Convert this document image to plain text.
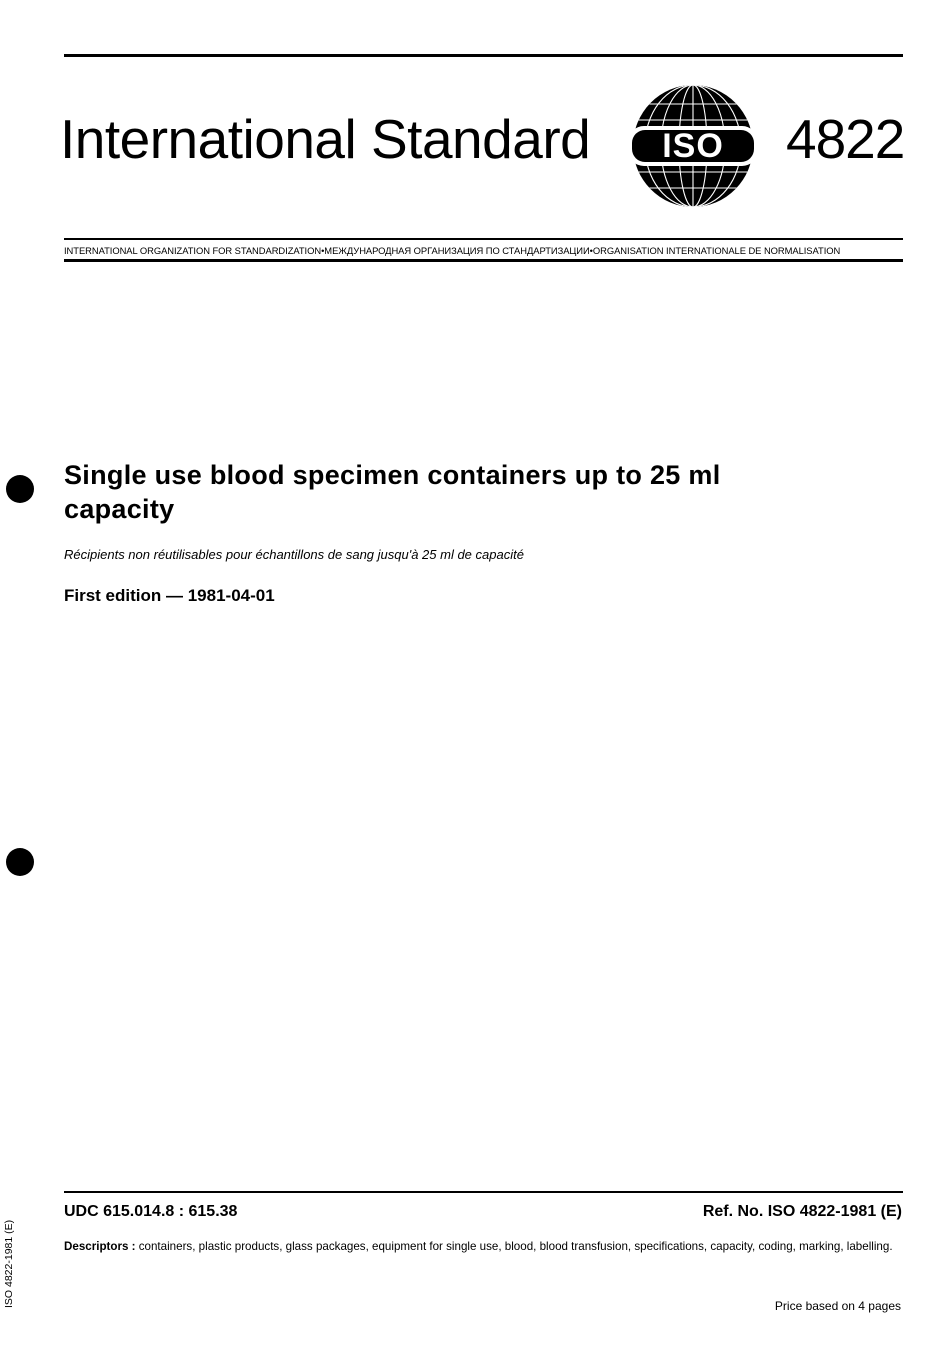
International Standard ISO 4822
INTERNATIONAL ORGANIZATION FOR STANDARDIZATION•МЕЖДУНАРОДНАЯ ОРГАНИЗАЦИЯ ПО СТАНДАРТИЗАЦИИ•ORGANISATION INTERNATIONALE DE NORMALISATION
Single use blood specimen containers up to 25 ml capacity
Récipients non réutilisables pour échantillons de sang jusqu'à 25 ml de capacité
First edition — 1981-04-01
UDC 615.014.8 : 615.38	Ref. No. ISO 4822-1981 (E)
Descriptors : containers, plastic products, glass packages, equipment for single use, blood, blood transfusion, specifications, capacity, coding, marking, labelling.
Price based on 4 pages
ISO 4822-1981 (E)
